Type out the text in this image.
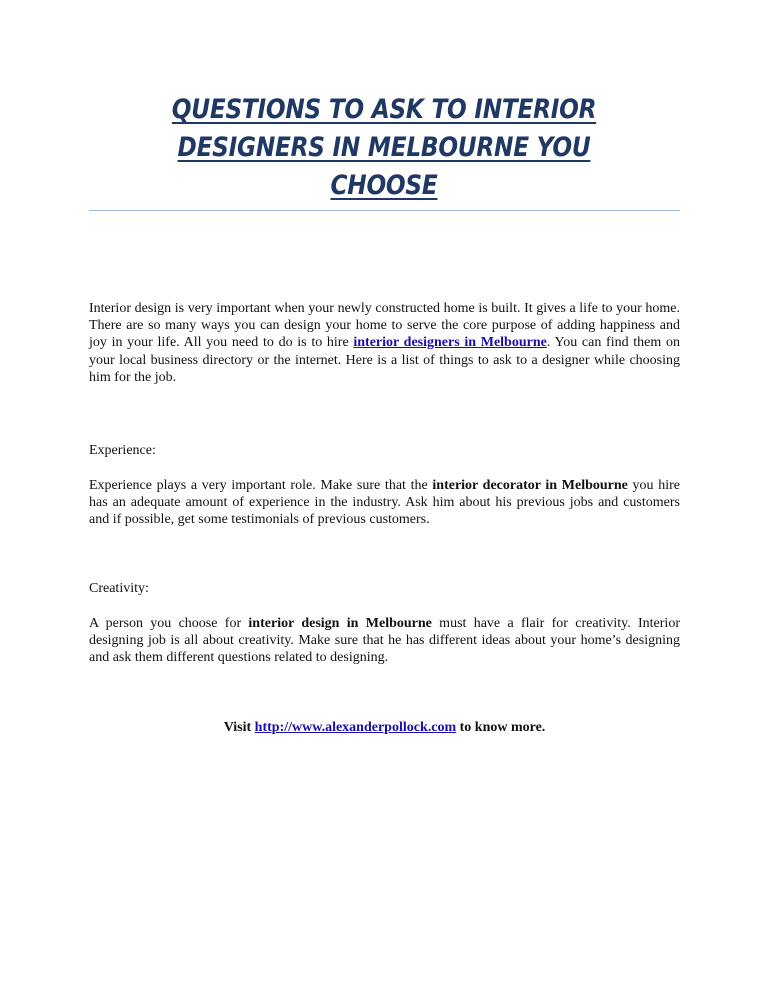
QUESTIONS TO ASK TO INTERIOR
DESIGNERS IN MELBOURNE YOU
CHOOSE

Interior design is very important when your newly constructed home is built. It gives a life to your home. There are so many ways you can design your home to serve the core purpose of adding happiness and joy in your life. All you need to do is to hire interior designers in Melbourne. You can find them on your local business directory or the internet. Here is a list of things to ask to a designer while choosing him for the job.

Experience:

Experience plays a very important role. Make sure that the interior decorator in Melbourne you hire has an adequate amount of experience in the industry. Ask him about his previous jobs and customers and if possible, get some testimonials of previous customers.

Creativity:

A person you choose for interior design in Melbourne must have a flair for creativity. Interior designing job is all about creativity. Make sure that he has different ideas about your home’s designing and ask them different questions related to designing.

Visit http://www.alexanderpollock.com to know more.
